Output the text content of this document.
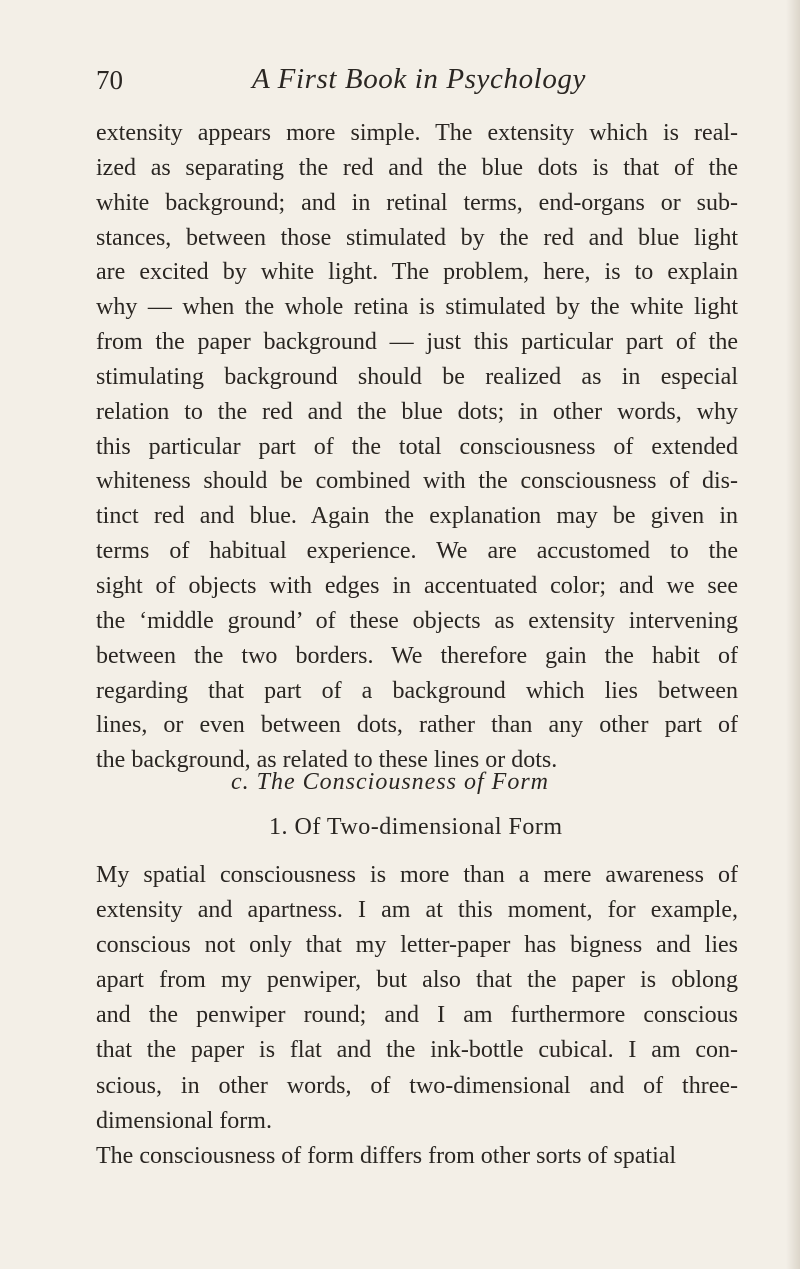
70	A First Book in Psychology
extensity appears more simple. The extensity which is real-
ized as separating the red and the blue dots is that of the
white background; and in retinal terms, end-organs or sub-
stances, between those stimulated by the red and blue light
are excited by white light. The problem, here, is to explain
why — when the whole retina is stimulated by the white light
from the paper background — just this particular part of the
stimulating background should be realized as in especial
relation to the red and the blue dots; in other words, why
this particular part of the total consciousness of extended
whiteness should be combined with the consciousness of dis-
tinct red and blue. Again the explanation may be given in
terms of habitual experience. We are accustomed to the
sight of objects with edges in accentuated color; and we see
the ‘middle ground’ of these objects as extensity intervening
between the two borders. We therefore gain the habit of
regarding that part of a background which lies between
lines, or even between dots, rather than any other part of
the background, as related to these lines or dots.
c. The Consciousness of Form
1. Of Two-dimensional Form
My spatial consciousness is more than a mere awareness of
extensity and apartness. I am at this moment, for example,
conscious not only that my letter-paper has bigness and lies
apart from my penwiper, but also that the paper is oblong
and the penwiper round; and I am furthermore conscious
that the paper is flat and the ink-bottle cubical. I am con-
scious, in other words, of two-dimensional and of three-
dimensional form.
The consciousness of form differs from other sorts of spatial
